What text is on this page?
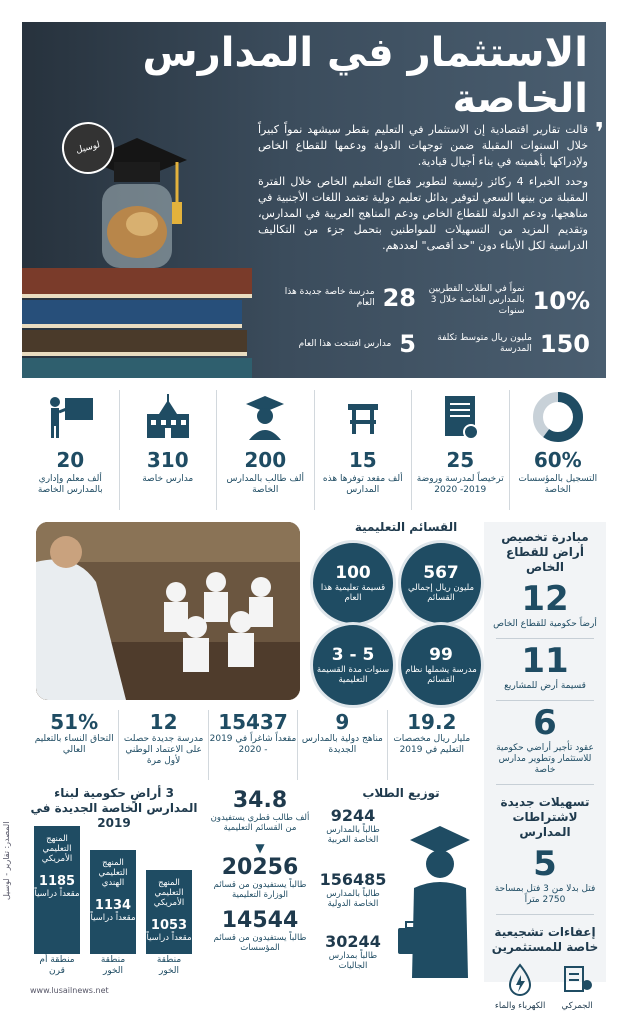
الاستثمار في المدارس الخاصة
لوسيل	❜

قالت تقارير اقتصادية إن الاستثمار في التعليم بقطر سيشهد نمواً كبيراً خلال السنوات المقبلة ضمن توجهات الدولة ودعمها للقطاع الخاص ولإدراكها بأهميته في بناء أجيال قيادية.

وحدد الخبراء 4 ركائز رئيسية لتطوير قطاع التعليم الخاص خلال الفترة المقبلة من بينها السعي لتوفير بدائل تعليم دولية تعتمد اللغات الأجنبية في مناهجها، ودعم الدولة للقطاع الخاص ودعم المناهج العربية في المدارس، وتقديم المزيد من التسهيلات للمواطنين بتحمل جزء من التكاليف الدراسية لكل الأبناء دون "حد أقصى" لعددهم.

10%
نمواً في الطلاب القطريين بالمدارس الخاصة خلال 3 سنوات
28
مدرسة خاصة جديدة هذا العام
150
مليون ريال متوسط تكلفة المدرسة
5
مدارس افتتحت هذا العام
60%
التسجيل بالمؤسسات الخاصة
25
ترخيصاً لمدرسة وروضة 2019- 2020
15
ألف مقعد توفرها هذه المدارس
200
ألف طالب بالمدارس الخاصة
310
مدارس خاصة
20
ألف معلم وإداري بالمدارس الخاصة
مبادرة تخصيص أراض للقطاع الخاص
12
أرضاً حكومية للقطاع الخاص
11
قسيمة أرض للمشاريع
6
عقود تأجير أراضي حكومية للاستثمار وتطوير مدارس خاصة
تسهيلات جديدة لاشتراطات المدارس
5
فتل بدلا من 3 فتل بمساحة 2750 متراً
إعفاءات تشجيعية خاصة للمستثمرين
الجمركي
الكهرباء والماء
القسائم التعليمية
567
مليون ريال إجمالي القسائم
100
قسيمة تعليمية هذا العام
99
مدرسة يشملها نظام القسائم
5 - 3
سنوات مدة القسيمة التعليمية
19.2
مليار ريال مخصصات التعليم في 2019
9
مناهج دولية بالمدارس الجديدة
15437
مقعداً شاغراً في 2019 - 2020
12
مدرسة جديدة حصلت على الاعتماد الوطني لأول مرة
51%
التحاق النساء بالتعليم العالي
3 أراضٍ حكومية لبناء المدارس الخاصة الجديدة في 2019
المنهج التعليمي الأمريكي
1185
مقعداً دراسياً
المنهج التعليمي الهندي
1134
مقعداً دراسياً
المنهج التعليمي الأمريكي
1053
مقعداً دراسياً
منطقة أم قرن
منطقة الخور
منطقة الخور
المصدر: تقارير - لوسيل
www.lusailnews.net
34.8
ألف طالب قطري يستفيدون من القسائم التعليمية
▼
20256
طالباً يستفيدون من قسائم الوزارة التعليمية
14544
طالباً يستفيدون من قسائم المؤسسات
توزيع الطلاب
9244
طالباً بالمدارس الخاصة العربية
156485
طالباً بالمدارس الخاصة الدولية
30244
طالباً بمدارس الجاليات
